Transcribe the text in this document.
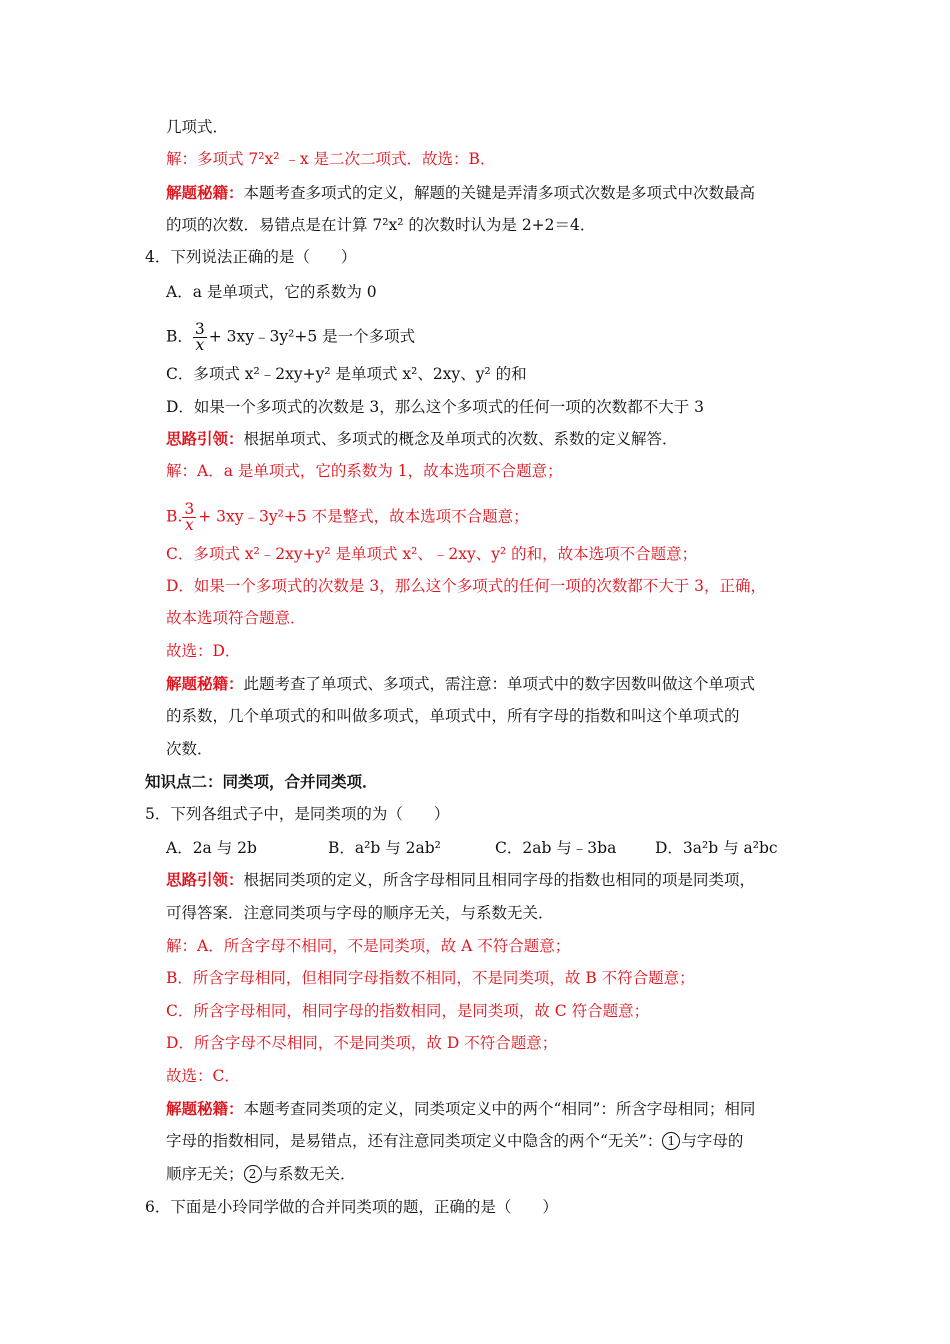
几项式．
解：多项式 7²x² ﹣x 是二次二项式．故选：B．
解题秘籍：本题考查多项式的定义，解题的关键是弄清多项式次数是多项式中次数最高
的项的次数．易错点是在计算 7²x² 的次数时认为是 2+2＝4．
4．下列说法正确的是（　　）
A．a 是单项式，它的系数为 0
B． $\frac{3}{x}$ + 3xy﹣3y²+5 是一个多项式
C．多项式 x²﹣2xy+y² 是单项式 x²、2xy、y² 的和
D．如果一个多项式的次数是 3，那么这个多项式的任何一项的次数都不大于 3
思路引领：根据单项式、多项式的概念及单项式的次数、系数的定义解答．
解：A．a 是单项式，它的系数为 1，故本选项不合题意；
B. $\frac{3}{x}$ + 3xy﹣3y²+5 不是整式，故本选项不合题意；
C．多项式 x²﹣2xy+y² 是单项式 x²、﹣2xy、y² 的和，故本选项不合题意；
D．如果一个多项式的次数是 3，那么这个多项式的任何一项的次数都不大于 3，正确，
故本选项符合题意．
故选：D．
解题秘籍：此题考查了单项式、多项式，需注意：单项式中的数字因数叫做这个单项式
的系数，几个单项式的和叫做多项式，单项式中，所有字母的指数和叫这个单项式的
次数．
知识点二：同类项，合并同类项．
5．下列各组式子中，是同类项的为（　　）
A．2a 与 2b	B．a²b 与 2ab²	C．2ab 与﹣3ba D．3a²b 与 a²bc
思路引领：根据同类项的定义，所含字母相同且相同字母的指数也相同的项是同类项，
可得答案．注意同类项与字母的顺序无关，与系数无关．
解：A．所含字母不相同，不是同类项，故 A 不符合题意；
B．所含字母相同，但相同字母指数不相同，不是同类项，故 B 不符合题意；
C．所含字母相同，相同字母的指数相同，是同类项，故 C 符合题意；
D．所含字母不尽相同，不是同类项，故 D 不符合题意；
故选：C．
解题秘籍：本题考查同类项的定义，同类项定义中的两个“相同”：所含字母相同；相同
字母的指数相同，是易错点，还有注意同类项定义中隐含的两个“无关”： 1 与字母的
顺序无关； 2 与系数无关．
6．下面是小玲同学做的合并同类项的题，正确的是（　　）
